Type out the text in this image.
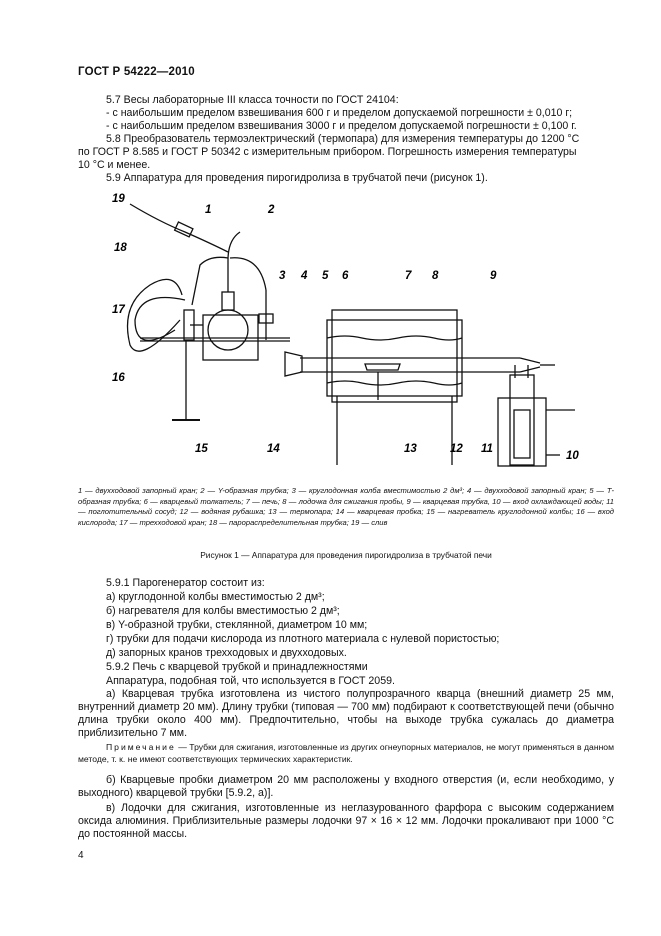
ГОСТ Р 54222—2010
5.7 Весы лабораторные III класса точности по ГОСТ 24104:
- с наибольшим пределом взвешивания 600 г и пределом допускаемой погрешности ± 0,010 г;
- с наибольшим пределом взвешивания 3000 г и пределом допускаемой погрешности ± 0,100 г.
5.8 Преобразователь термоэлектрический (термопара) для измерения температуры до 1200 °С
по ГОСТ Р 8.585 и ГОСТ Р 50342 с измерительным прибором. Погрешность измерения температуры
10 °С и менее.
5.9 Аппаратура для проведения пирогидролиза в трубчатой печи (рисунок 1).
19
1	2
18
3 4 5 6	7 8	9
17
16
15	14	13	12 11
10
1 — двухходовой запорный кран; 2 — Y-образная трубка; 3 — круглодонная колба вместимостью 2 дм³; 4 — двухходовой запорный кран; 5 — Т-образная трубка; 6 — кварцевый толкатель; 7 — печь; 8 — лодочка для сжигания пробы, 9 — кварцевая трубка, 10 — вход охлаждающей воды; 11 — поглотительный сосуд; 12 — водяная рубашка; 13 — термопара; 14 — кварцевая пробка; 15 — нагреватель круглодонной колбы; 16 — вход кислорода; 17 — трехходовой кран; 18 — парораспределительная трубка; 19 — слив
Рисунок 1 — Аппаратура для проведения пирогидролиза в трубчатой печи
5.9.1 Парогенератор состоит из:
а) круглодонной колбы вместимостью 2 дм³;
б) нагревателя для колбы вместимостью 2 дм³;
в) Y-образной трубки, стеклянной, диаметром 10 мм;
г) трубки для подачи кислорода из плотного материала с нулевой пористостью;
д) запорных кранов трехходовых и двухходовых.
5.9.2 Печь с кварцевой трубкой и принадлежностями
Аппаратура, подобная той, что используется в ГОСТ 2059.
а) Кварцевая трубка изготовлена из чистого полупрозрачного кварца (внешний диаметр 25 мм, внутренний диаметр 20 мм). Длину трубки (типовая — 700 мм) подбирают к соответствующей печи (обычно длина трубки около 400 мм). Предпочтительно, чтобы на выходе трубка сужалась до диаметра приблизительно 7 мм.
Примечание — Трубки для сжигания, изготовленные из других огнеупорных материалов, не могут применяться в данном методе, т. к. не имеют соответствующих термических характеристик.
б) Кварцевые пробки диаметром 20 мм расположены у входного отверстия (и, если необходимо, у выходного) кварцевой трубки [5.9.2, а)].
в) Лодочки для сжигания, изготовленные из неглазурованного фарфора с высоким содержанием оксида алюминия. Приблизительные размеры лодочки 97 × 16 × 12 мм. Лодочки прокаливают при 1000 °С до постоянной массы.
4
